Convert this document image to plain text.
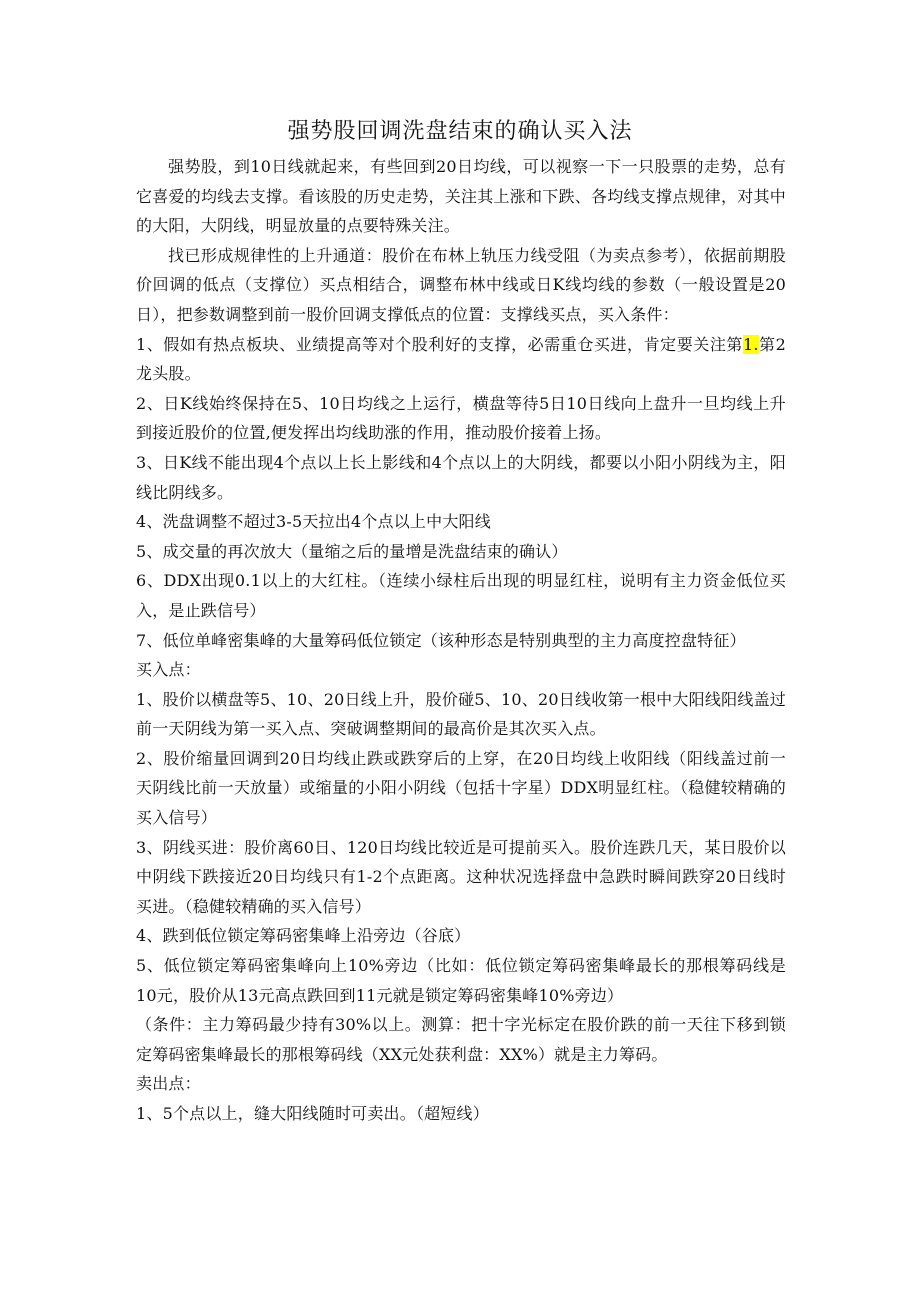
强势股回调洗盘结束的确认买入法

强势股，到10日线就起来，有些回到20日均线，可以视察一下一只股票的走势，总有它喜爱的均线去支撑。看该股的历史走势，关注其上涨和下跌、各均线支撑点规律，对其中的大阳，大阴线，明显放量的点要特殊关注。

找已形成规律性的上升通道：股价在布林上轨压力线受阻（为卖点参考），依据前期股价回调的低点（支撑位）买点相结合，调整布林中线或日K线均线的参数（一般设置是20日），把参数调整到前一股价回调支撑低点的位置：支撑线买点，买入条件：

1、假如有热点板块、业绩提高等对个股利好的支撑，必需重仓买进，肯定要关注第1.第2龙头股。

2、日K线始终保持在5、10日均线之上运行，横盘等待5日10日线向上盘升一旦均线上升到接近股价的位置,便发挥出均线助涨的作用，推动股价接着上扬。

3、日K线不能出现4个点以上长上影线和4个点以上的大阴线，都要以小阳小阴线为主，阳线比阴线多。

4、洗盘调整不超过3-5天拉出4个点以上中大阳线

5、成交量的再次放大（量缩之后的量增是洗盘结束的确认）

6、DDX出现0.1以上的大红柱。（连续小绿柱后出现的明显红柱，说明有主力资金低位买入，是止跌信号）

7、低位单峰密集峰的大量筹码低位锁定（该种形态是特别典型的主力高度控盘特征）

买入点：

1、股价以横盘等5、10、20日线上升，股价碰5、10、20日线收第一根中大阳线阳线盖过前一天阴线为第一买入点、突破调整期间的最高价是其次买入点。

2、股价缩量回调到20日均线止跌或跌穿后的上穿，在20日均线上收阳线（阳线盖过前一天阴线比前一天放量）或缩量的小阳小阴线（包括十字星）DDX明显红柱。（稳健较精确的买入信号）

3、阴线买进：股价离60日、120日均线比较近是可提前买入。股价连跌几天，某日股价以中阴线下跌接近20日均线只有1-2个点距离。这种状况选择盘中急跌时瞬间跌穿20日线时买进。（稳健较精确的买入信号）

4、跌到低位锁定筹码密集峰上沿旁边（谷底）

5、低位锁定筹码密集峰向上10%旁边（比如：低位锁定筹码密集峰最长的那根筹码线是10元，股价从13元高点跌回到11元就是锁定筹码密集峰10%旁边）

（条件：主力筹码最少持有30%以上。测算：把十字光标定在股价跌的前一天往下移到锁定筹码密集峰最长的那根筹码线（XX元处获利盘：XX%）就是主力筹码。

卖出点：

1、5个点以上，缝大阳线随时可卖出。（超短线）
